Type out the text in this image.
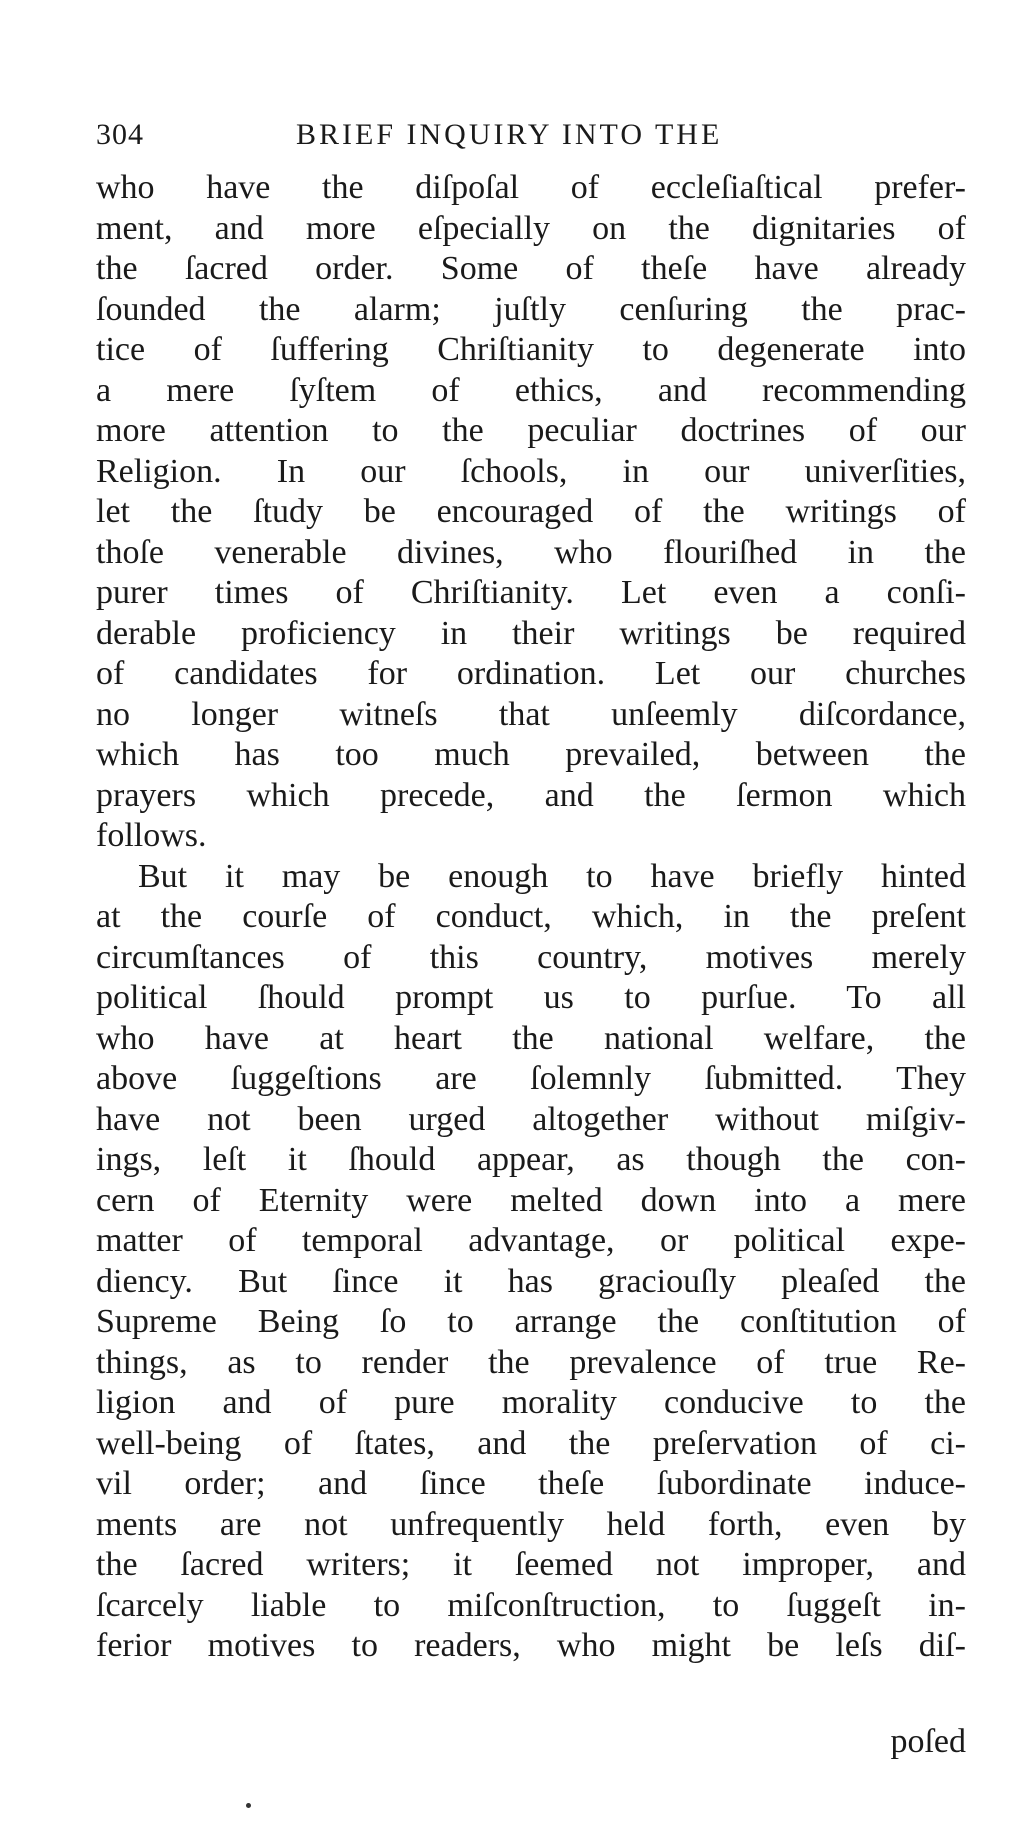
304	BRIEF INQUIRY INTO THE
who have the diſpoſal of eccleſiaſtical prefer-
ment, and more eſpecially on the dignitaries of
the ſacred order. Some of theſe have already
ſounded the alarm; juſtly cenſuring the prac-
tice of ſuffering Chriſtianity to degenerate into
a mere ſyſtem of ethics, and recommending
more attention to the peculiar doctrines of our
Religion. In our ſchools, in our univerſities,
let the ſtudy be encouraged of the writings of
thoſe venerable divines, who flouriſhed in the
purer times of Chriſtianity. Let even a conſi-
derable proficiency in their writings be required
of candidates for ordination. Let our churches
no longer witneſs that unſeemly diſcordance,
which has too much prevailed, between the
prayers which precede, and the ſermon which
follows.
But it may be enough to have briefly hinted
at the courſe of conduct, which, in the preſent
circumſtances of this country, motives merely
political ſhould prompt us to purſue. To all
who have at heart the national welfare, the
above ſuggeſtions are ſolemnly ſubmitted. They
have not been urged altogether without miſgiv-
ings, leſt it ſhould appear, as though the con-
cern of Eternity were melted down into a mere
matter of temporal advantage, or political expe-
diency. But ſince it has graciouſly pleaſed the
Supreme Being ſo to arrange the conſtitution of
things, as to render the prevalence of true Re-
ligion and of pure morality conducive to the
well-being of ſtates, and the preſervation of ci-
vil order; and ſince theſe ſubordinate induce-
ments are not unfrequently held forth, even by
the ſacred writers; it ſeemed not improper, and
ſcarcely liable to miſconſtruction, to ſuggeſt in-
ferior motives to readers, who might be leſs diſ-
poſed
